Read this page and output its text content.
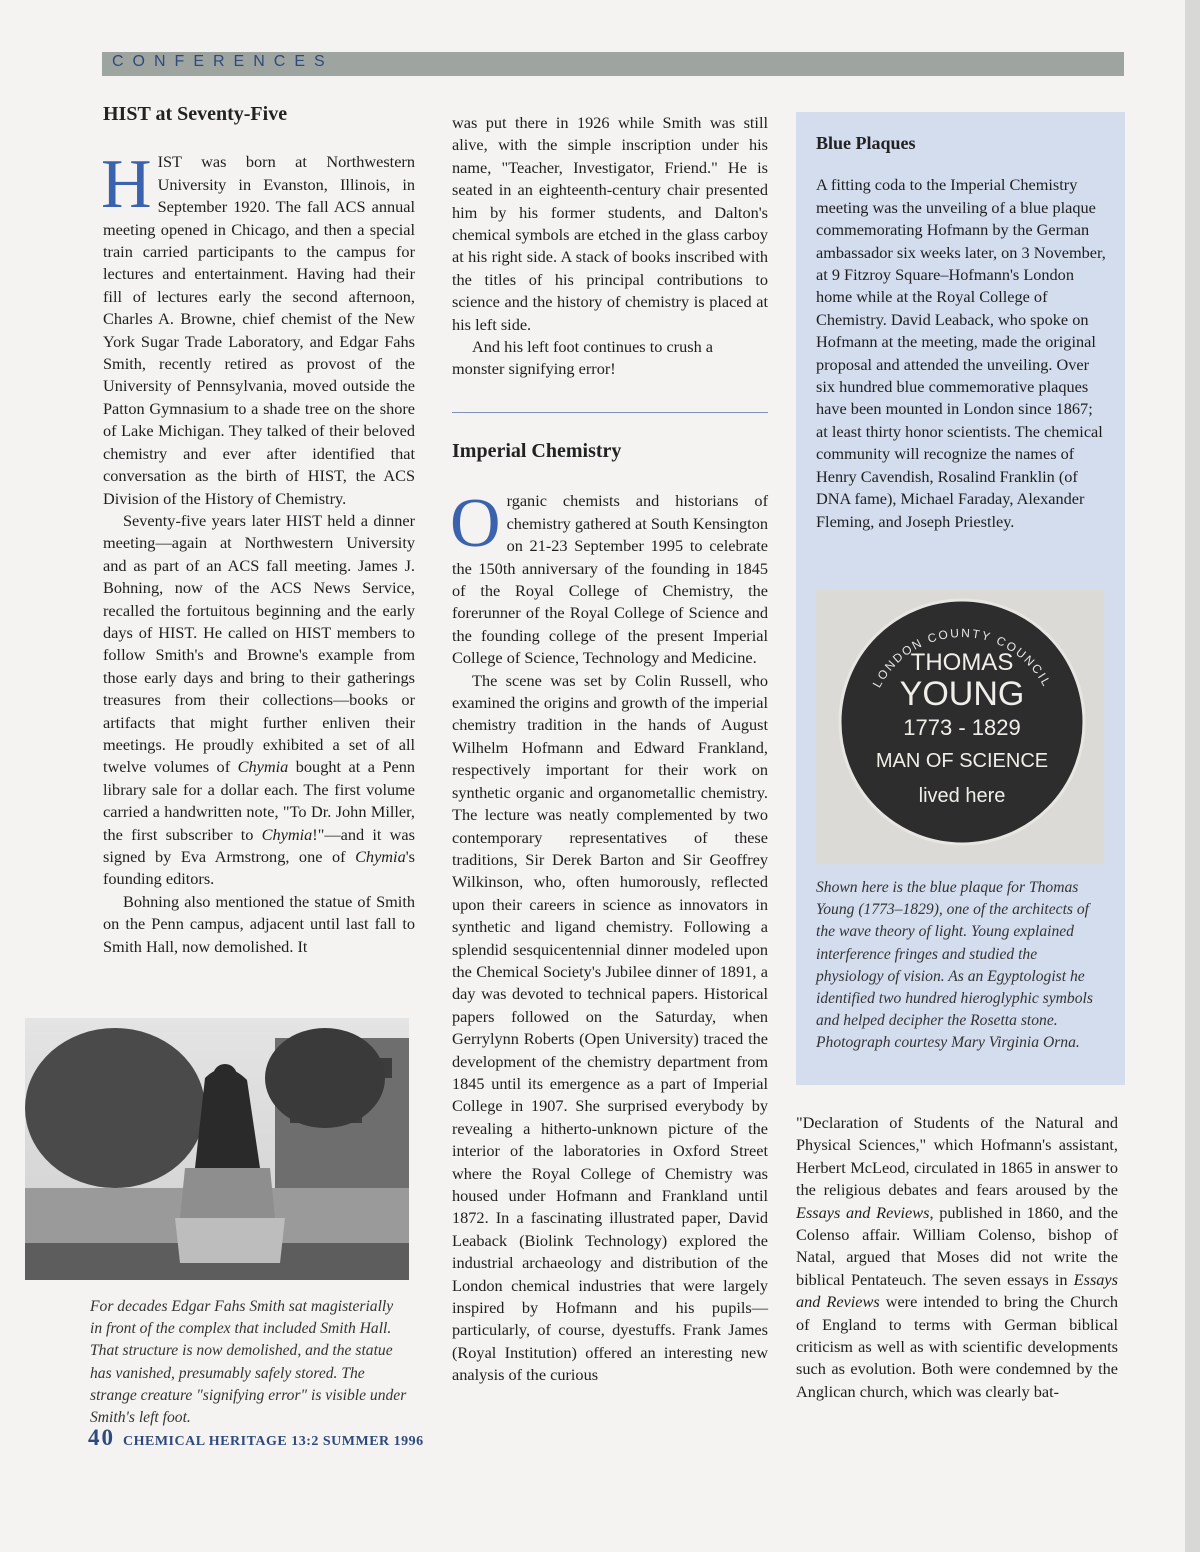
CONFERENCES
HIST at Seventy-Five

HIST was born at Northwestern University in Evanston, Illinois, in September 1920. The fall ACS annual meeting opened in Chicago, and then a special train carried participants to the campus for lectures and entertainment. Having had their fill of lectures early the second afternoon, Charles A. Browne, chief chemist of the New York Sugar Trade Laboratory, and Edgar Fahs Smith, recently retired as provost of the University of Pennsylvania, moved outside the Patton Gymnasium to a shade tree on the shore of Lake Michigan. They talked of their beloved chemistry and ever after identified that conversation as the birth of HIST, the ACS Division of the History of Chemistry.

Seventy-five years later HIST held a dinner meeting—again at Northwestern University and as part of an ACS fall meeting. James J. Bohning, now of the ACS News Service, recalled the fortuitous beginning and the early days of HIST. He called on HIST members to follow Smith's and Browne's example from those early days and bring to their gatherings treasures from their collections—books or artifacts that might further enliven their meetings. He proudly exhibited a set of all twelve volumes of Chymia bought at a Penn library sale for a dollar each. The first volume carried a handwritten note, "To Dr. John Miller, the first subscriber to Chymia!"—and it was signed by Eva Armstrong, one of Chymia's founding editors.

Bohning also mentioned the statue of Smith on the Penn campus, adjacent until last fall to Smith Hall, now demolished. It

For decades Edgar Fahs Smith sat magisterially in front of the complex that included Smith Hall. That structure is now demolished, and the statue has vanished, presumably safely stored. The strange creature "signifying error" is visible under Smith's left foot.

was put there in 1926 while Smith was still alive, with the simple inscription under his name, "Teacher, Investigator, Friend." He is seated in an eighteenth-century chair presented him by his former students, and Dalton's chemical symbols are etched in the glass carboy at his right side. A stack of books inscribed with the titles of his principal contributions to science and the history of chemistry is placed at his left side.

And his left foot continues to crush a monster signifying error!

Imperial Chemistry

Organic chemists and historians of chemistry gathered at South Kensington on 21-23 September 1995 to celebrate the 150th anniversary of the founding in 1845 of the Royal College of Chemistry, the forerunner of the Royal College of Science and the founding college of the present Imperial College of Science, Technology and Medicine.

The scene was set by Colin Russell, who examined the origins and growth of the imperial chemistry tradition in the hands of August Wilhelm Hofmann and Edward Frankland, respectively important for their work on synthetic organic and organometallic chemistry. The lecture was neatly complemented by two contemporary representatives of these traditions, Sir Derek Barton and Sir Geoffrey Wilkinson, who, often humorously, reflected upon their careers in science as innovators in synthetic and ligand chemistry. Following a splendid sesquicentennial dinner modeled upon the Chemical Society's Jubilee dinner of 1891, a day was devoted to technical papers. Historical papers followed on the Saturday, when Gerrylynn Roberts (Open University) traced the development of the chemistry department from 1845 until its emergence as a part of Imperial College in 1907. She surprised everybody by revealing a hitherto-unknown picture of the interior of the laboratories in Oxford Street where the Royal College of Chemistry was housed under Hofmann and Frankland until 1872. In a fascinating illustrated paper, David Leaback (Biolink Technology) explored the industrial archaeology and distribution of the London chemical industries that were largely inspired by Hofmann and his pupils—particularly, of course, dyestuffs. Frank James (Royal Institution) offered an interesting new analysis of the curious

Blue Plaques

A fitting coda to the Imperial Chemistry meeting was the unveiling of a blue plaque commemorating Hofmann by the German ambassador six weeks later, on 3 November, at 9 Fitzroy Square–Hofmann's London home while at the Royal College of Chemistry. David Leaback, who spoke on Hofmann at the meeting, made the original proposal and attended the unveiling. Over six hundred blue commemorative plaques have been mounted in London since 1867; at least thirty honor scientists. The chemical community will recognize the names of Henry Cavendish, Rosalind Franklin (of DNA fame), Michael Faraday, Alexander Fleming, and Joseph Priestley.

LONDON COUNTY COUNCIL
THOMAS
YOUNG
1773 - 1829
MAN OF SCIENCE
lived here
Shown here is the blue plaque for Thomas Young (1773–1829), one of the architects of the wave theory of light. Young explained interference fringes and studied the physiology of vision. As an Egyptologist he identified two hundred hieroglyphic symbols and helped decipher the Rosetta stone. Photograph courtesy Mary Virginia Orna.

"Declaration of Students of the Natural and Physical Sciences," which Hofmann's assistant, Herbert McLeod, circulated in 1865 in answer to the religious debates and fears aroused by the Essays and Reviews, published in 1860, and the Colenso affair. William Colenso, bishop of Natal, argued that Moses did not write the biblical Pentateuch. The seven essays in Essays and Reviews were intended to bring the Church of England to terms with German biblical criticism as well as with scientific developments such as evolution. Both were condemned by the Anglican church, which was clearly bat-

40 CHEMICAL HERITAGE 13:2 SUMMER 1996
